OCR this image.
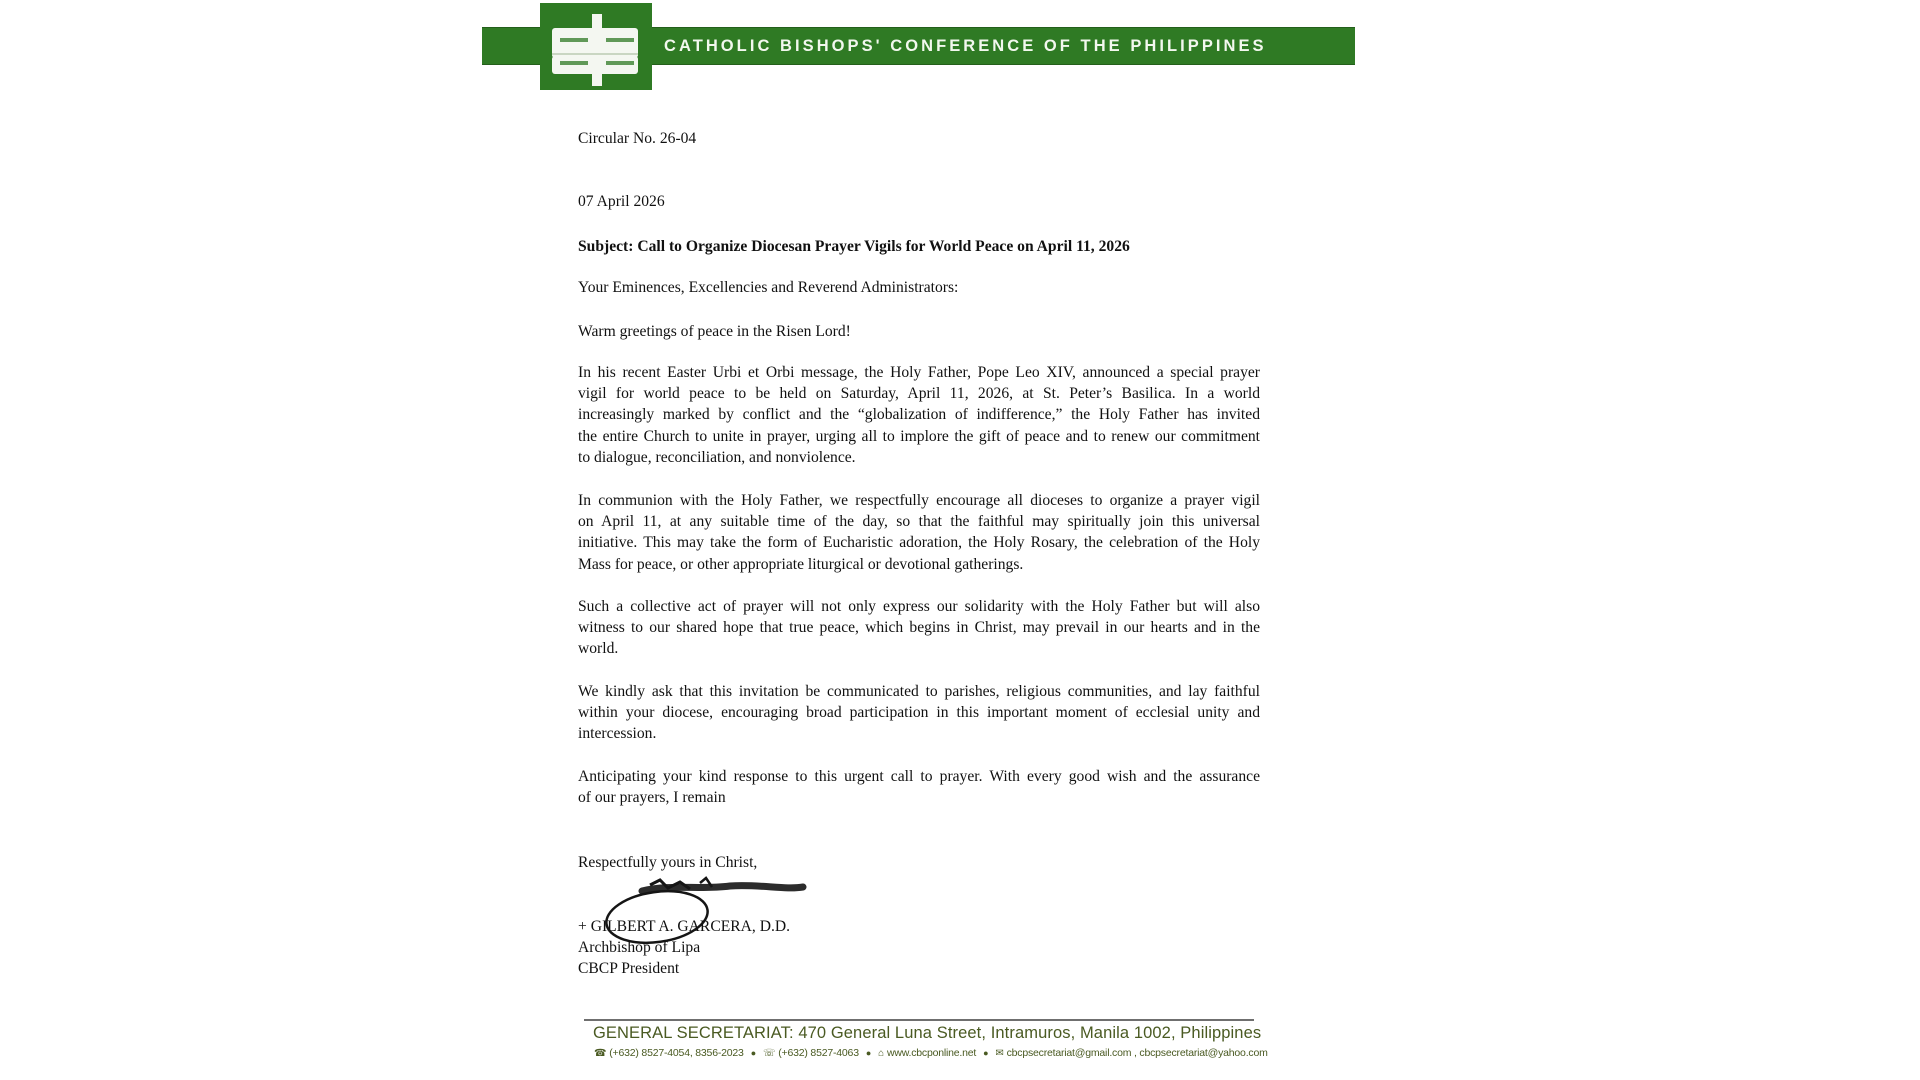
CATHOLIC BISHOPS' CONFERENCE OF THE PHILIPPINES
Circular No. 26-04
07 April 2026
Subject: Call to Organize Diocesan Prayer Vigils for World Peace on April 11, 2026
Your Eminences, Excellencies and Reverend Administrators:
Warm greetings of peace in the Risen Lord!
In his recent Easter Urbi et Orbi message, the Holy Father, Pope Leo XIV, announced a special prayer
vigil for world peace to be held on Saturday, April 11, 2026, at St. Peter’s Basilica. In a world
increasingly marked by conflict and the “globalization of indifference,” the Holy Father has invited
the entire Church to unite in prayer, urging all to implore the gift of peace and to renew our commitment
to dialogue, reconciliation, and nonviolence.
In communion with the Holy Father, we respectfully encourage all dioceses to organize a prayer vigil
on April 11, at any suitable time of the day, so that the faithful may spiritually join this universal
initiative. This may take the form of Eucharistic adoration, the Holy Rosary, the celebration of the Holy
Mass for peace, or other appropriate liturgical or devotional gatherings.
Such a collective act of prayer will not only express our solidarity with the Holy Father but will also
witness to our shared hope that true peace, which begins in Christ, may prevail in our hearts and in the
world.
We kindly ask that this invitation be communicated to parishes, religious communities, and lay faithful
within your diocese, encouraging broad participation in this important moment of ecclesial unity and
intercession.
Anticipating your kind response to this urgent call to prayer. With every good wish and the assurance
of our prayers, I remain
Respectfully yours in Christ,
+ GILBERT A. GARCERA, D.D.
Archbishop of Lipa
CBCP President
GENERAL SECRETARIAT: 470 General Luna Street, Intramuros, Manila 1002, Philippines
☎ (+632) 8527-4054, 8356-2023 ● ☏ (+632) 8527-4063 ● ⌂ www.cbcponline.net ● ✉ cbcpsecretariat@gmail.com , cbcpsecretariat@yahoo.com
